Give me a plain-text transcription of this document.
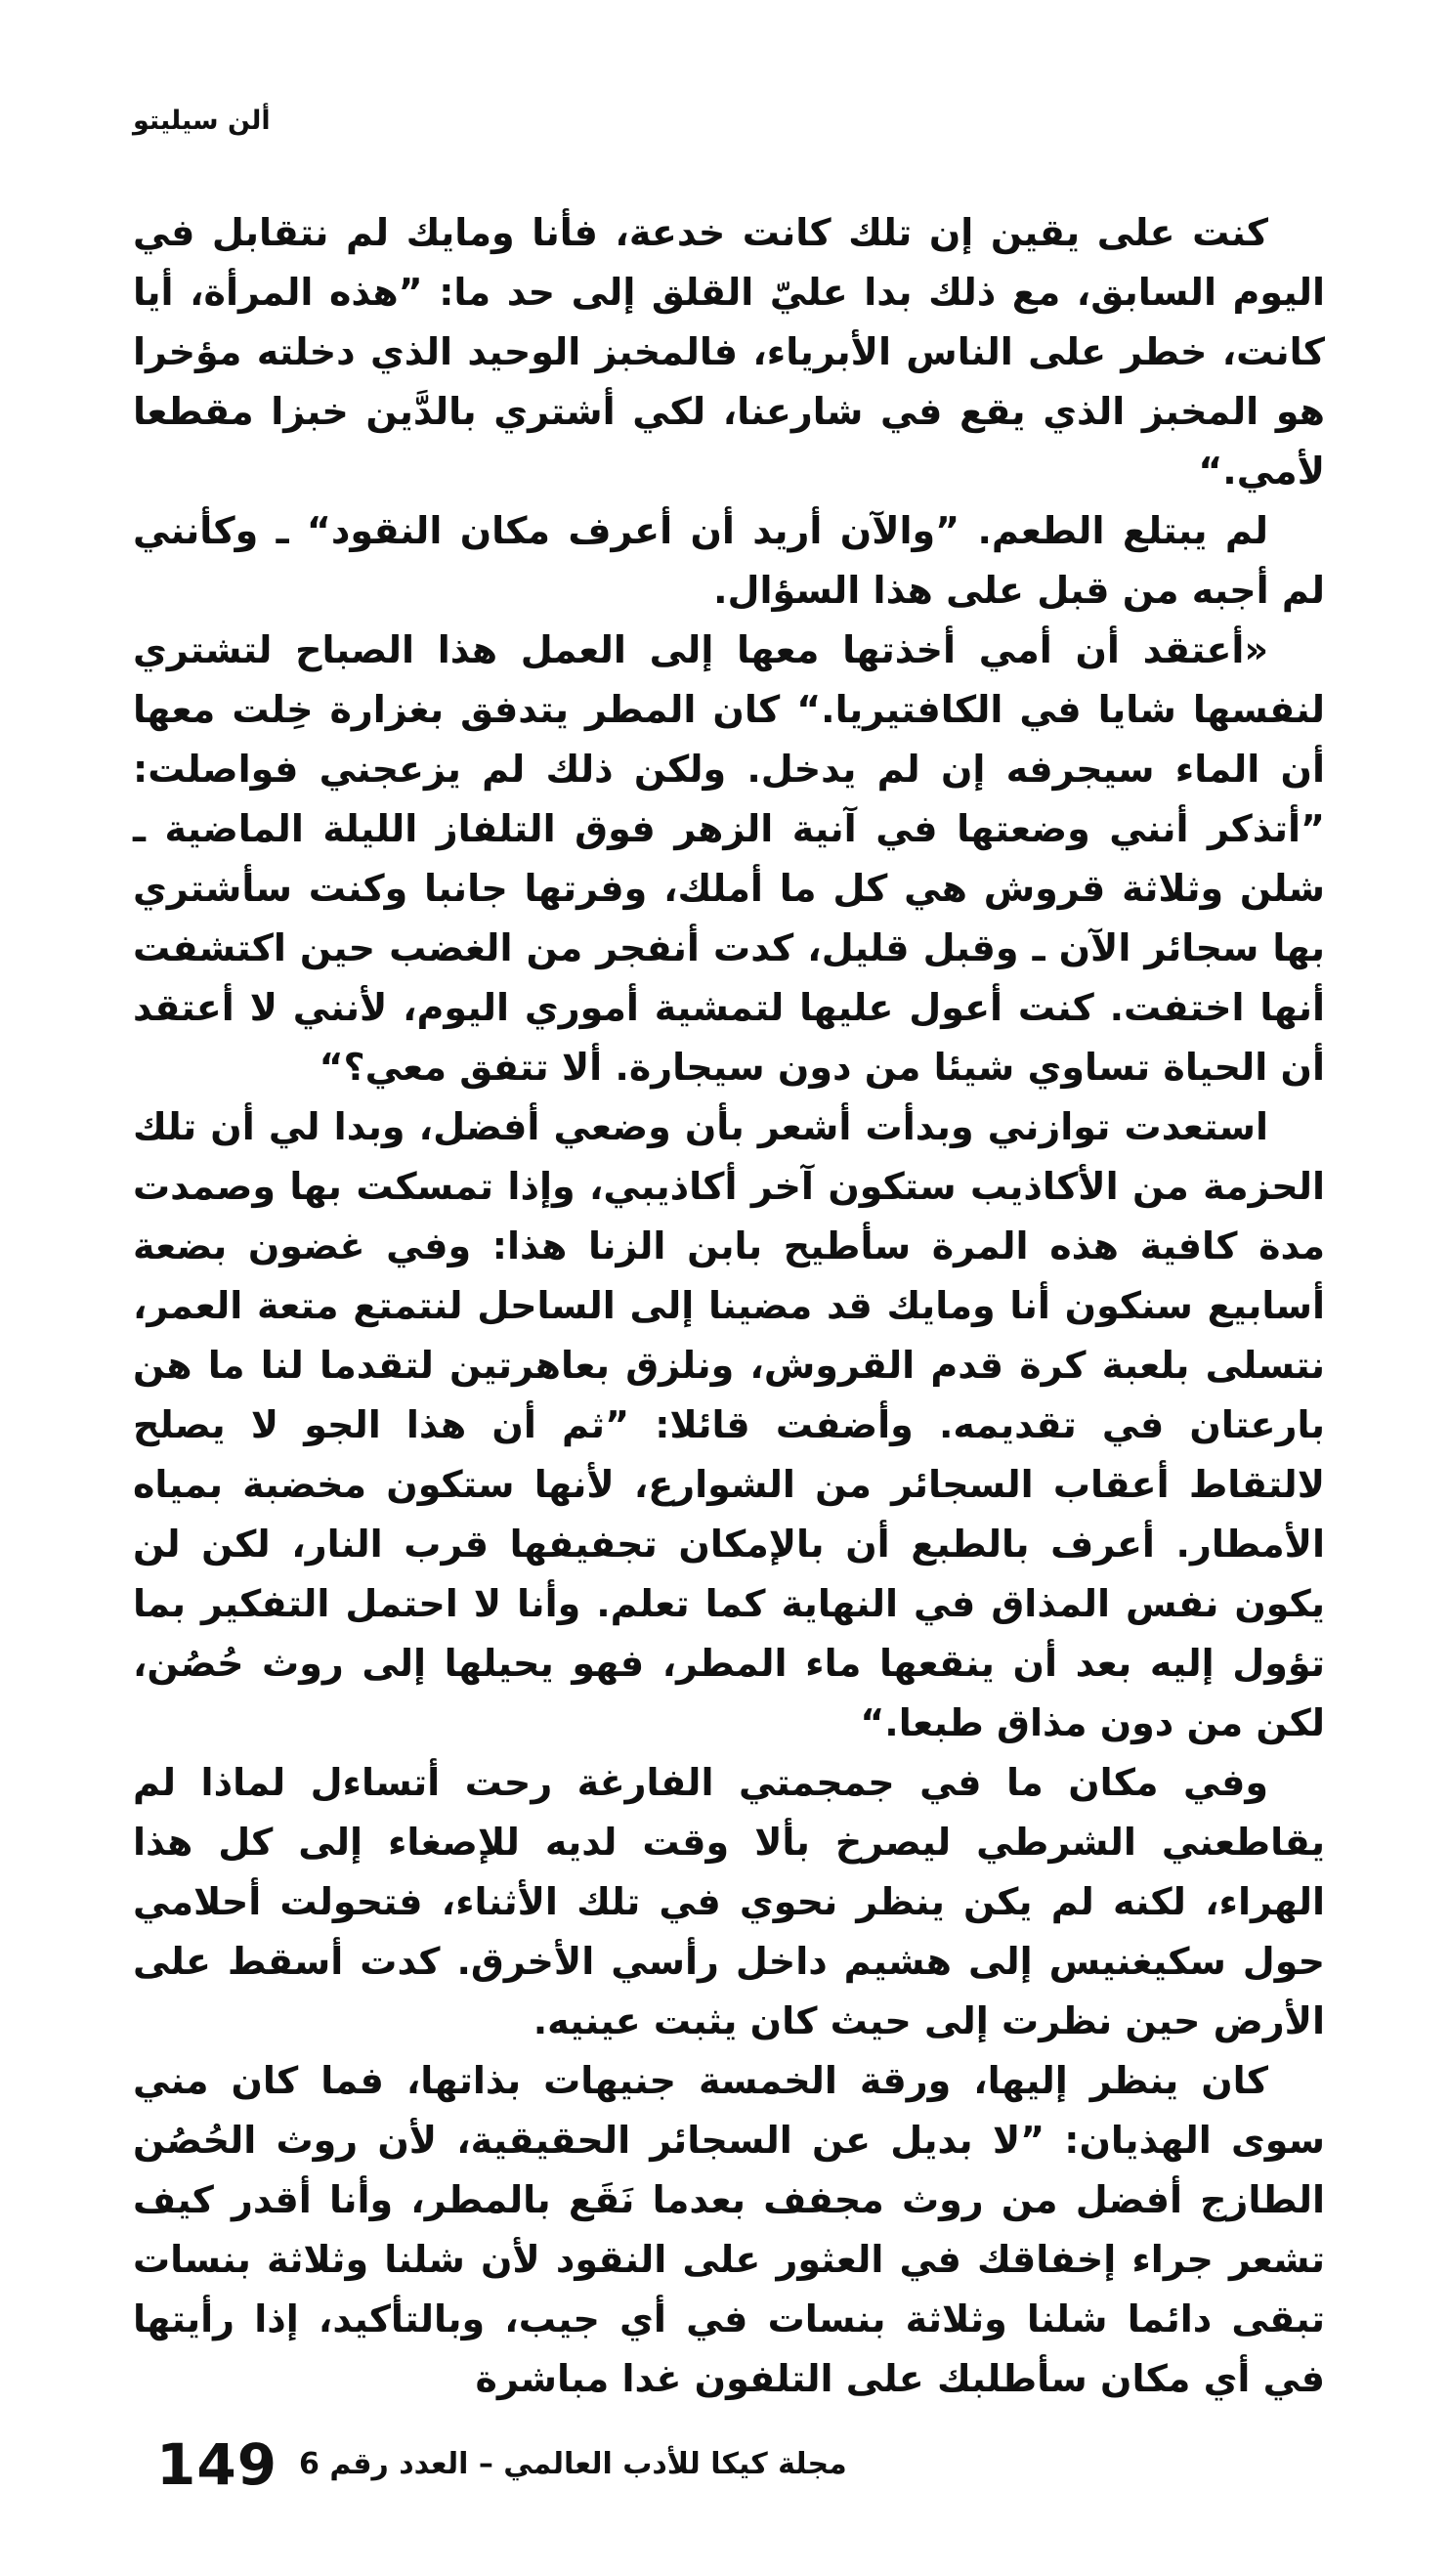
ألن سيليتو

كنت على يقين إن تلك كانت خدعة، فأنا ومايك لم نتقابل في اليوم السابق، مع ذلك بدا عليّ القلق إلى حد ما: ”هذه المرأة، أيا كانت، خطر على الناس الأبرياء، فالمخبز الوحيد الذي دخلته مؤخرا هو المخبز الذي يقع في شارعنا، لكي أشتري بالدَّين خبزا مقطعا لأمي.“

لم يبتلع الطعم. ”والآن أريد أن أعرف مكان النقود“ ـ وكأنني لم أجبه من قبل على هذا السؤال.

«أعتقد أن أمي أخذتها معها إلى العمل هذا الصباح لتشتري لنفسها شايا في الكافتيريا.“ كان المطر يتدفق بغزارة خِلت معها أن الماء سيجرفه إن لم يدخل. ولكن ذلك لم يزعجني فواصلت: ”أتذكر أنني وضعتها في آنية الزهر فوق التلفاز الليلة الماضية ـ شلن وثلاثة قروش هي كل ما أملك، وفرتها جانبا وكنت سأشتري بها سجائر الآن ـ وقبل قليل، كدت أنفجر من الغضب حين اكتشفت أنها اختفت. كنت أعول عليها لتمشية أموري اليوم، لأنني لا أعتقد أن الحياة تساوي شيئا من دون سيجارة. ألا تتفق معي؟“

استعدت توازني وبدأت أشعر بأن وضعي أفضل، وبدا لي أن تلك الحزمة من الأكاذيب ستكون آخر أكاذيبي، وإذا تمسكت بها وصمدت مدة كافية هذه المرة سأطيح بابن الزنا هذا: وفي غضون بضعة أسابيع سنكون أنا ومايك قد مضينا إلى الساحل لنتمتع متعة العمر، نتسلى بلعبة كرة قدم القروش، ونلزق بعاهرتين لتقدما لنا ما هن بارعتان في تقديمه. وأضفت قائلا: ”ثم أن هذا الجو لا يصلح لالتقاط أعقاب السجائر من الشوارع، لأنها ستكون مخضبة بمياه الأمطار. أعرف بالطبع أن بالإمكان تجفيفها قرب النار، لكن لن يكون نفس المذاق في النهاية كما تعلم. وأنا لا احتمل التفكير بما تؤول إليه بعد أن ينقعها ماء المطر، فهو يحيلها إلى روث حُصُن، لكن من دون مذاق طبعا.“

وفي مكان ما في جمجمتي الفارغة رحت أتساءل لماذا لم يقاطعني الشرطي ليصرخ بألا وقت لديه للإصغاء إلى كل هذا الهراء، لكنه لم يكن ينظر نحوي في تلك الأثناء، فتحولت أحلامي حول سكيغنيس إلى هشيم داخل رأسي الأخرق. كدت أسقط على الأرض حين نظرت إلى حيث كان يثبت عينيه.

كان ينظر إليها، ورقة الخمسة جنيهات بذاتها، فما كان مني سوى الهذيان: ”لا بديل عن السجائر الحقيقية، لأن روث الحُصُن الطازج أفضل من روث مجفف بعدما نَقَع بالمطر، وأنا أقدر كيف تشعر جراء إخفاقك في العثور على النقود لأن شلنا وثلاثة بنسات تبقى دائما شلنا وثلاثة بنسات في أي جيب، وبالتأكيد، إذا رأيتها في أي مكان سأطلبك على التلفون غدا مباشرة

149 مجلة كيكا للأدب العالمي – العدد رقم 6
